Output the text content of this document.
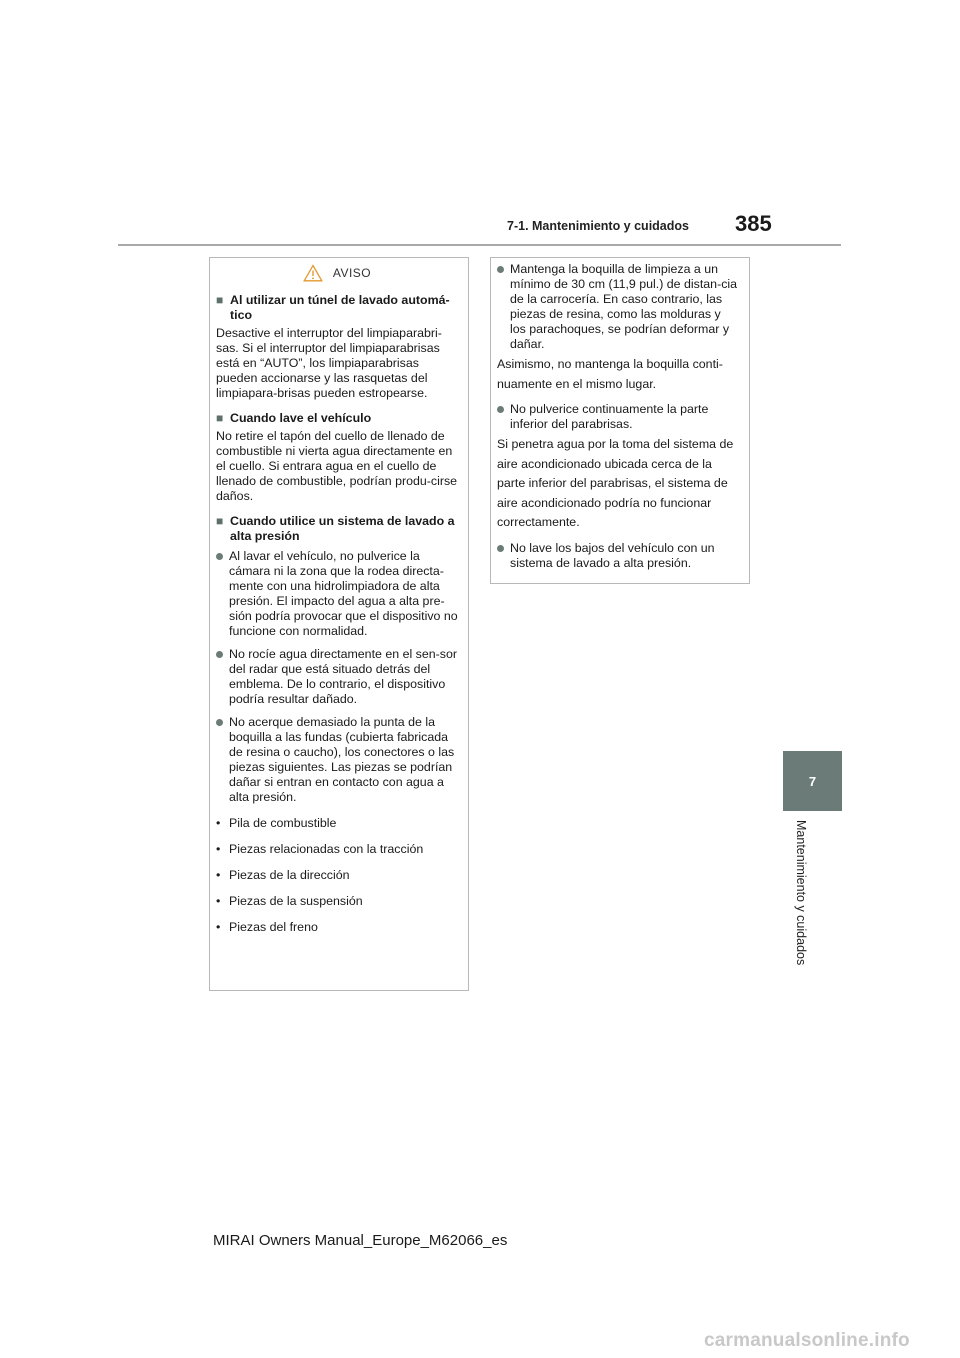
7-1. Mantenimiento y cuidados 385
7
Mantenimiento y cuidados
AVISO
■ Al utilizar un túnel de lavado automá-tico

Desactive el interruptor del limpiaparabri-sas. Si el interruptor del limpiaparabrisas está en “AUTO”, los limpiaparabrisas pueden accionarse y las rasquetas del limpiapara-brisas pueden estropearse.

■ Cuando lave el vehículo

No retire el tapón del cuello de llenado de combustible ni vierta agua directamente en el cuello. Si entrara agua en el cuello de llenado de combustible, podrían produ-cirse daños.

■ Cuando utilice un sistema de lavado a alta presión
Al lavar el vehículo, no pulverice la cámara ni la zona que la rodea directa-mente con una hidrolimpiadora de alta presión. El impacto del agua a alta pre-sión podría provocar que el dispositivo no funcione con normalidad.
No rocíe agua directamente en el sen-sor del radar que está situado detrás del emblema. De lo contrario, el dispositivo podría resultar dañado.
No acerque demasiado la punta de la boquilla a las fundas (cubierta fabricada de resina o caucho), los conectores o las piezas siguientes. Las piezas se podrían dañar si entran en contacto con agua a alta presión.
• Pila de combustible
• Piezas relacionadas con la tracción
• Piezas de la dirección
• Piezas de la suspensión
• Piezas del freno
Mantenga la boquilla de limpieza a un mínimo de 30 cm (11,9 pul.) de distan-cia de la carrocería. En caso contrario, las piezas de resina, como las molduras y los parachoques, se podrían deformar y dañar.

Asimismo, no mantenga la boquilla conti-nuamente en el mismo lugar.

No pulverice continuamente la parte inferior del parabrisas.

Si penetra agua por la toma del sistema de aire acondicionado ubicada cerca de la parte inferior del parabrisas, el sistema de aire acondicionado podría no funcionar correctamente.

No lave los bajos del vehículo con un sistema de lavado a alta presión.
MIRAI Owners Manual_Europe_M62066_es
carmanualsonline.info
